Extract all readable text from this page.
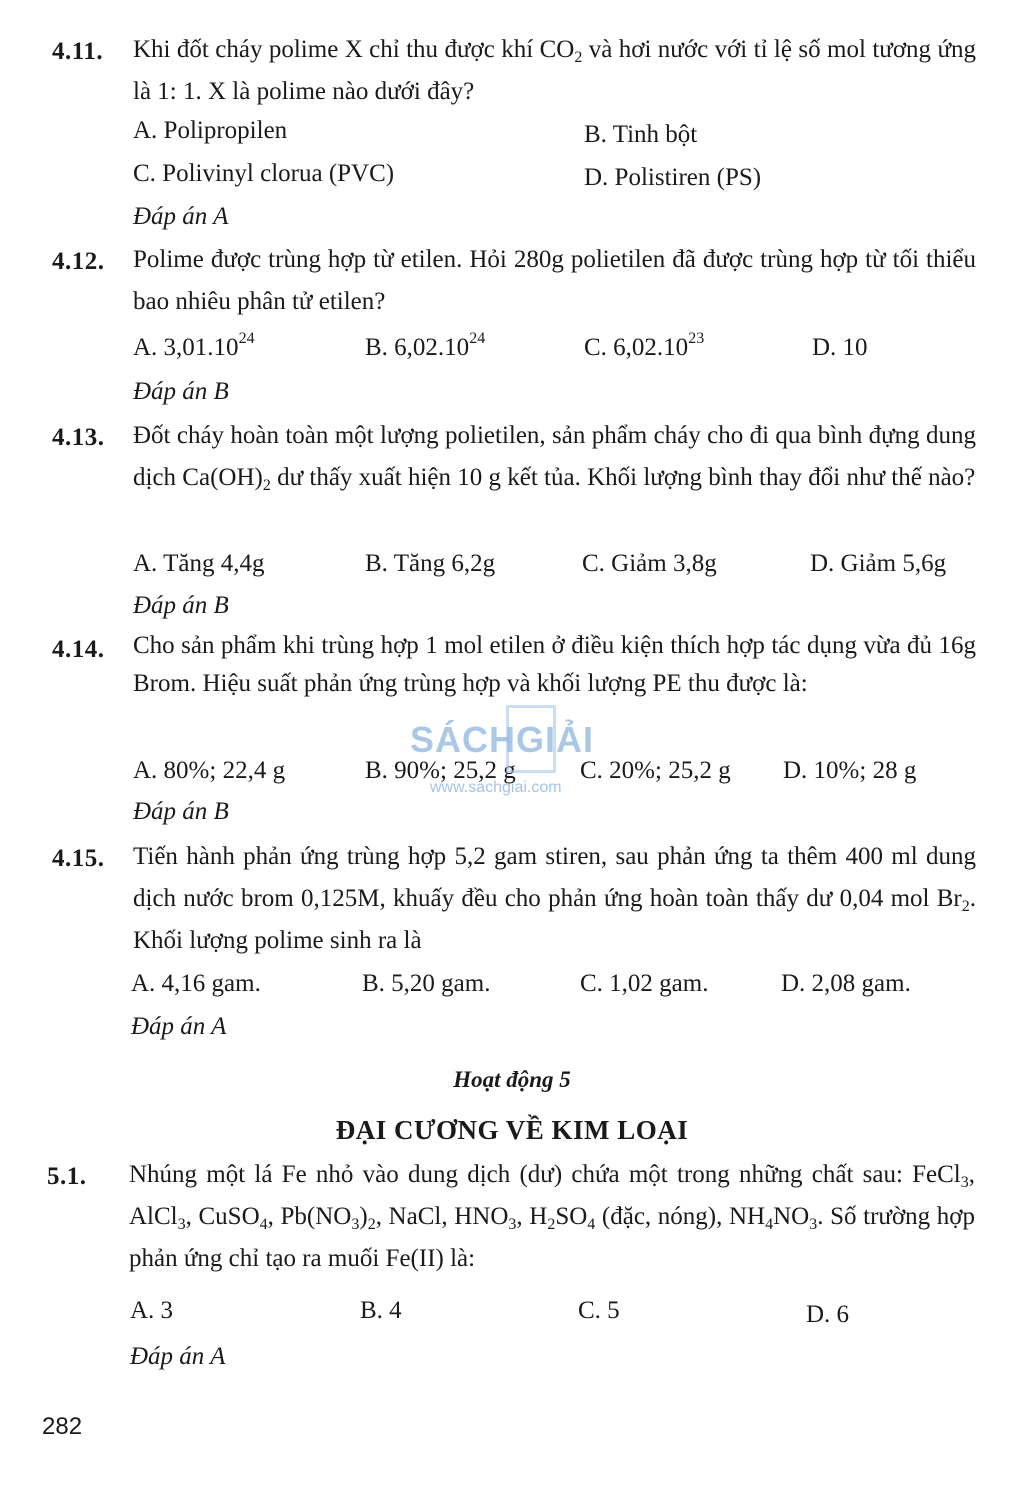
4.11. Khi đốt cháy polime X chỉ thu được khí $CO_2$ và hơi nước với tỉ lệ số mol tương ứng là 1: 1. X là polime nào dưới đây?
A. Polipropilen	B. Tinh bột
C. Polivinyl clorua (PVC)	D. Polistiren (PS)
Đáp án A
4.12. Polime được trùng hợp từ etilen. Hỏi 280g polietilen đã được trùng hợp từ tối thiểu bao nhiêu phân tử etilen?
A. 3,01.10$^{24}$	B. 6,02.10$^{24}$	C. 6,02.10$^{23}$	D. 10
Đáp án B
4.13. Đốt cháy hoàn toàn một lượng polietilen, sản phẩm cháy cho đi qua bình đựng dung dịch $Ca(OH)_2$ dư thấy xuất hiện 10 g kết tủa. Khối lượng bình thay đổi như thế nào?
A. Tăng 4,4g	B. Tăng 6,2g	C. Giảm 3,8g	D. Giảm 5,6g
Đáp án B
4.14. Cho sản phẩm khi trùng hợp 1 mol etilen ở điều kiện thích hợp tác dụng vừa đủ 16g Brom. Hiệu suất phản ứng trùng hợp và khối lượng PE thu được là:
A. 80%; 22,4 g	B. 90%; 25,2 g	C. 20%; 25,2 g D. 10%; 28 g
Đáp án B
4.15. Tiến hành phản ứng trùng hợp 5,2 gam stiren, sau phản ứng ta thêm 400 ml dung dịch nước brom 0,125M, khuấy đều cho phản ứng hoàn toàn thấy dư 0,04 mol $Br_2$. Khối lượng polime sinh ra là
A. 4,16 gam.	B. 5,20 gam.	C. 1,02 gam.	D. 2,08 gam.
Đáp án A
Hoạt động 5
ĐẠI CƯƠNG VỀ KIM LOẠI
5.1. Nhúng một lá Fe nhỏ vào dung dịch (dư) chứa một trong những chất sau: FeCl$_3$, AlCl$_3$, CuSO$_4$, $Pb(NO_3)_2$, NaCl, $HNO_3$, $H_2SO_4$ (đặc, nóng), $NH_4NO_3$. Số trường hợp phản ứng chỉ tạo ra muối Fe(II) là:
A. 3	B. 4	C. 5	D. 6
Đáp án A
SÁCHGIẢI
www.sachgiai.com
282
